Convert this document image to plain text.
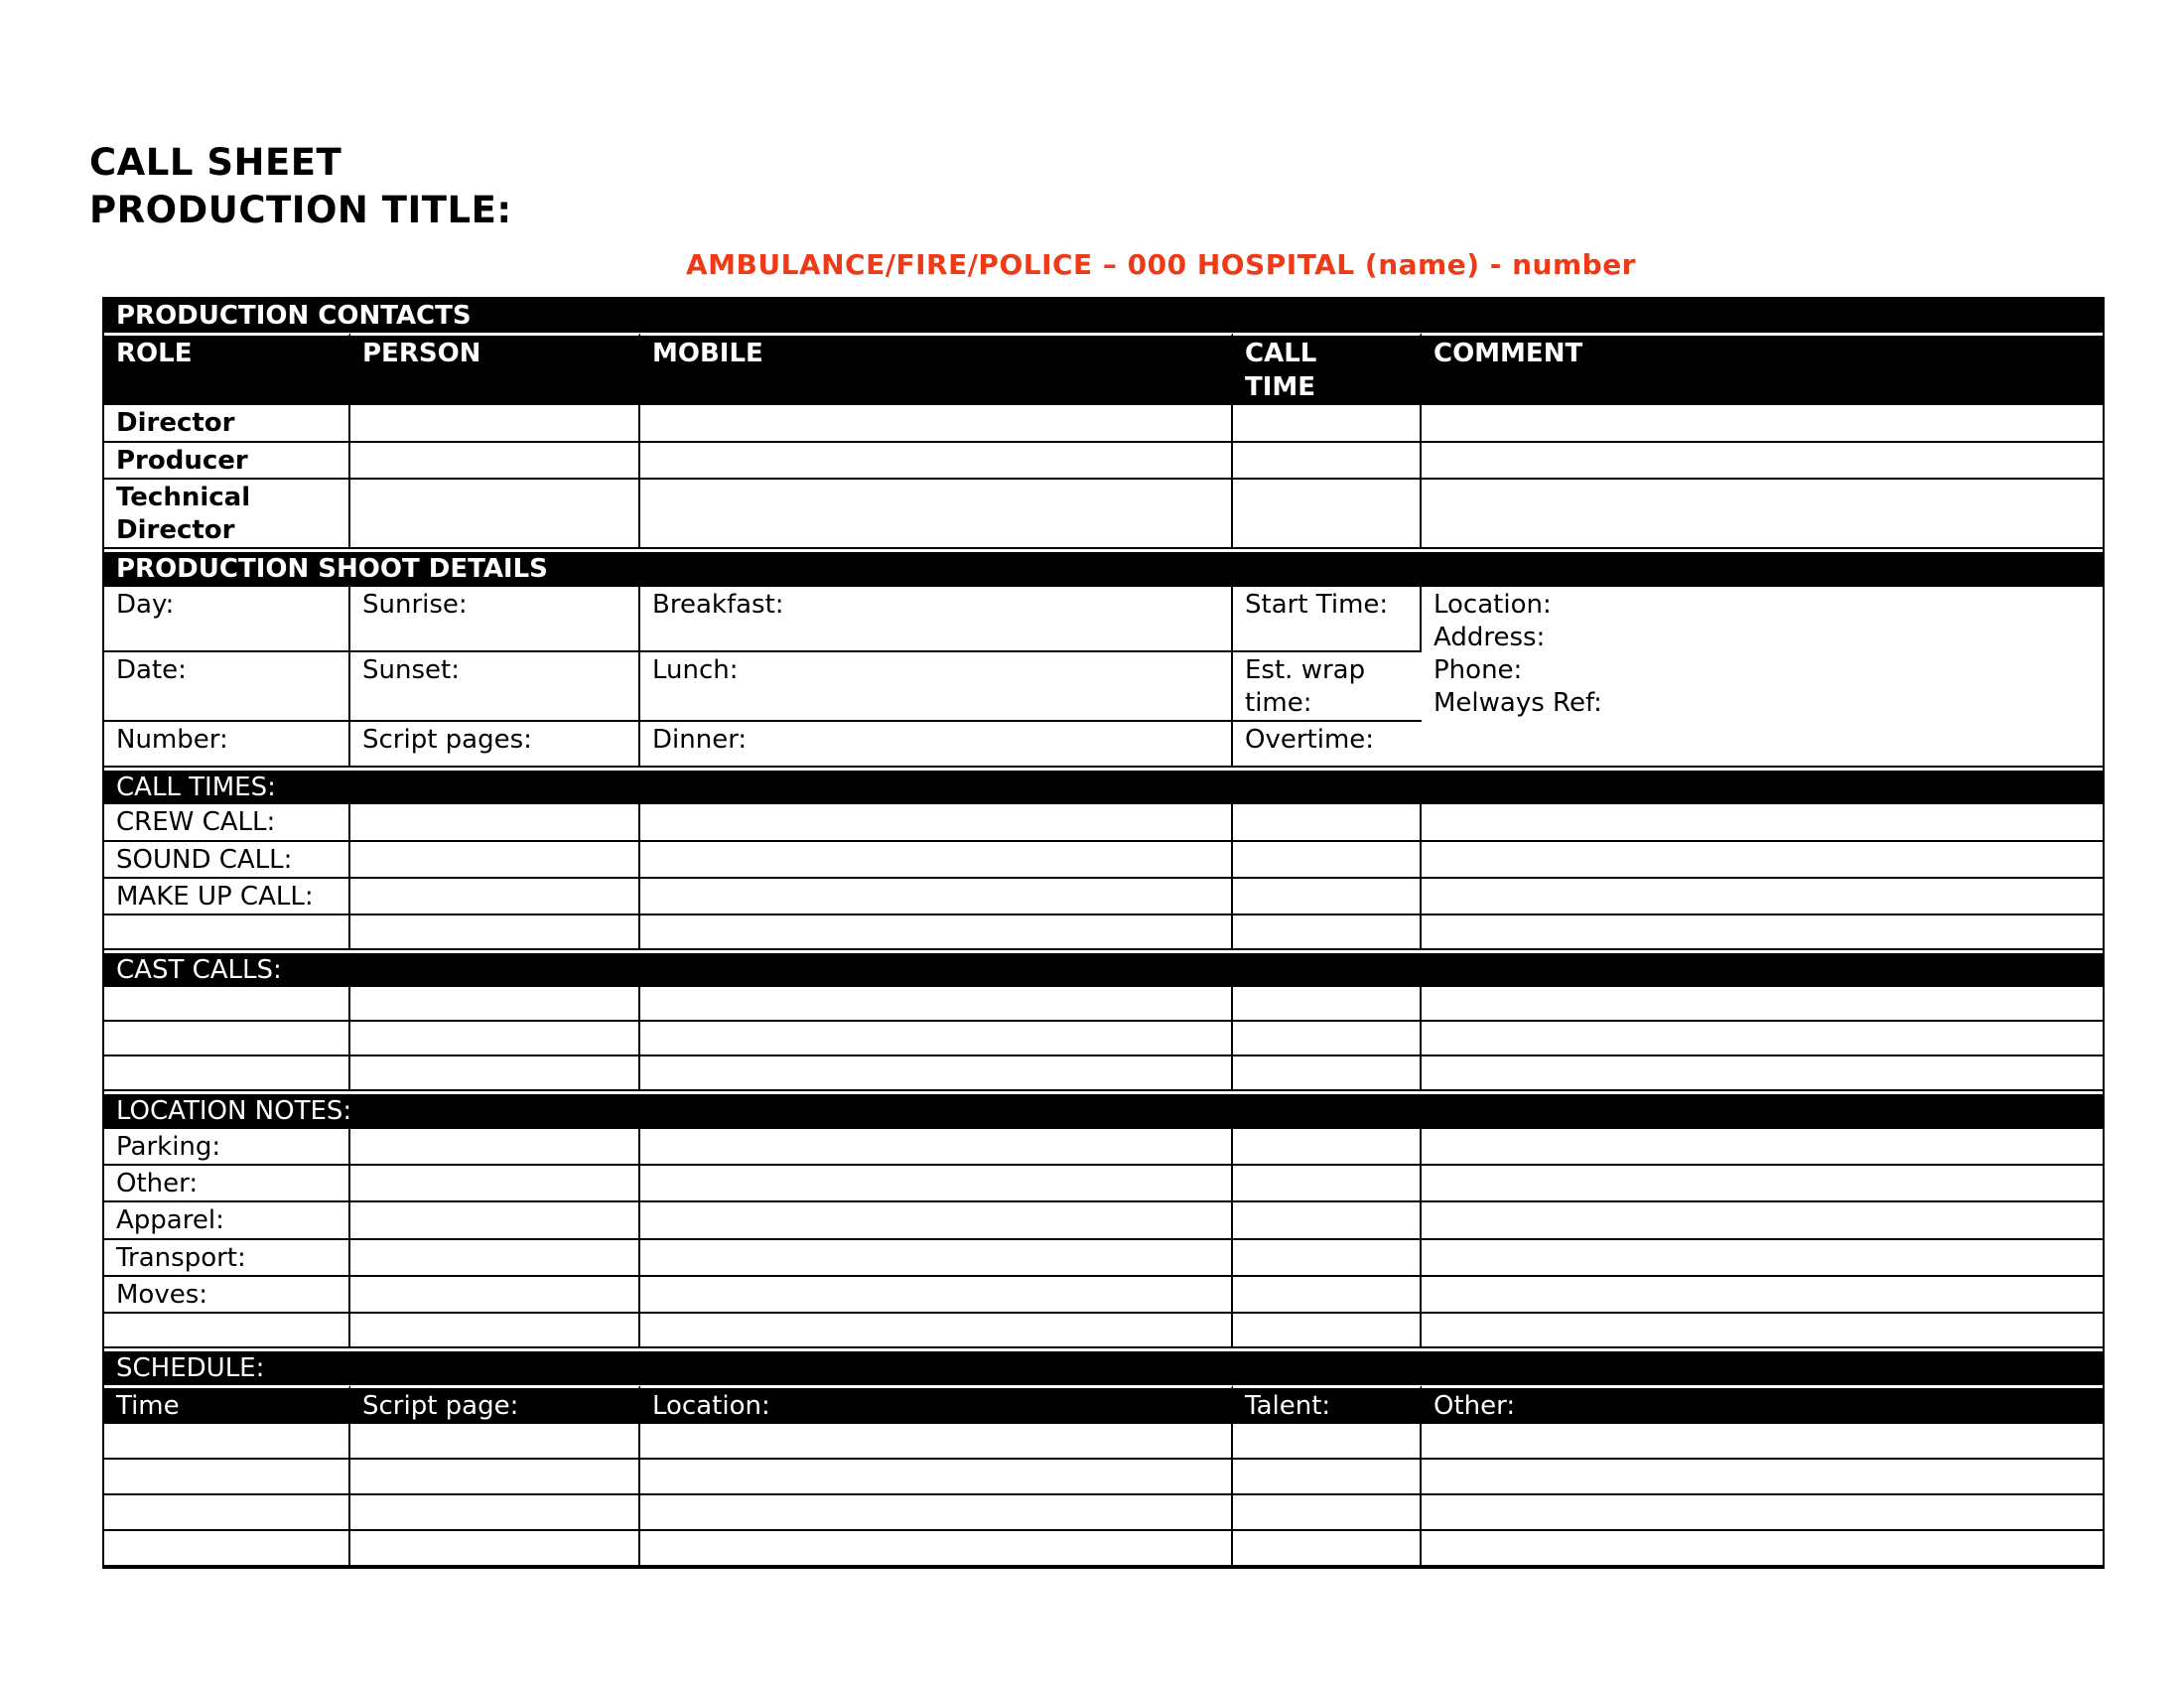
CALL SHEET
PRODUCTION TITLE:
AMBULANCE/FIRE/POLICE – 000 HOSPITAL (name) - number
PRODUCTION CONTACTS				
ROLE	PERSON	MOBILE	CALL TIME	COMMENT
Director				
Producer				
Technical Director				
PRODUCTION SHOOT DETAILS				
Day:	Sunrise:	Breakfast:	Start Time:	Location:
Address:
Phone:
Melways Ref:

Date:	Sunset:	Lunch:	Est. wrap time:	
Number:	Script pages:	Dinner:	Overtime:	
CALL TIMES:				
CREW CALL:				
SOUND CALL:				
MAKE UP CALL:				

CAST CALLS:				

LOCATION NOTES:				
Parking:				
Other:				
Apparel:				
Transport:				
Moves:				

SCHEDULE:				
Time	Script page:	Location:	Talent:	Other:
